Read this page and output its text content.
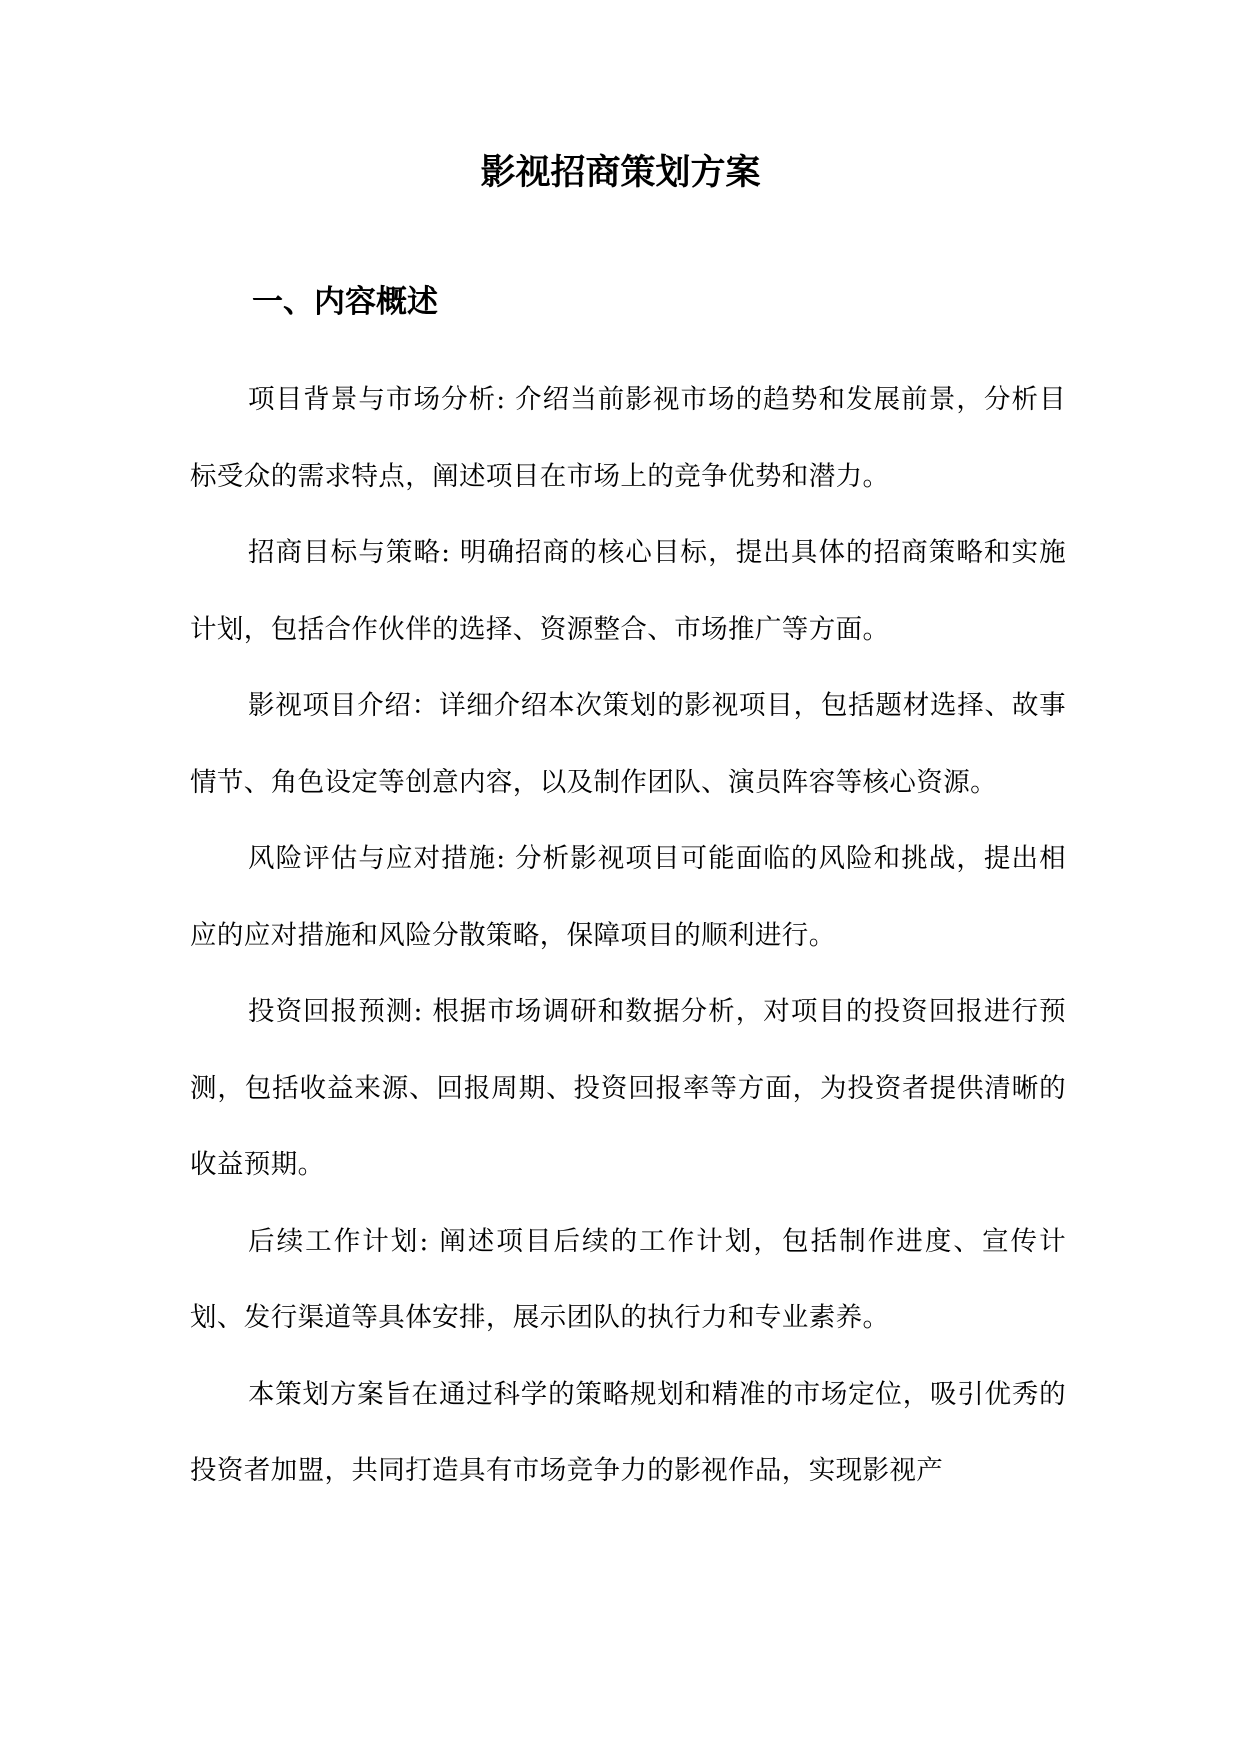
影视招商策划方案
一、内容概述

项目背景与市场分析: 介绍当前影视市场的趋势和发展前景，分析目标受众的需求特点，阐述项目在市场上的竞争优势和潜力。

招商目标与策略: 明确招商的核心目标，提出具体的招商策略和实施计划，包括合作伙伴的选择、资源整合、市场推广等方面。

影视项目介绍：详细介绍本次策划的影视项目，包括题材选择、故事情节、角色设定等创意内容，以及制作团队、演员阵容等核心资源。

风险评估与应对措施: 分析影视项目可能面临的风险和挑战，提出相应的应对措施和风险分散策略，保障项目的顺利进行。

投资回报预测: 根据市场调研和数据分析，对项目的投资回报进行预测，包括收益来源、回报周期、投资回报率等方面，为投资者提供清晰的收益预期。

后续工作计划: 阐述项目后续的工作计划，包括制作进度、宣传计划、发行渠道等具体安排，展示团队的执行力和专业素养。

本策划方案旨在通过科学的策略规划和精准的市场定位，吸引优秀的投资者加盟，共同打造具有市场竞争力的影视作品，实现影视产
